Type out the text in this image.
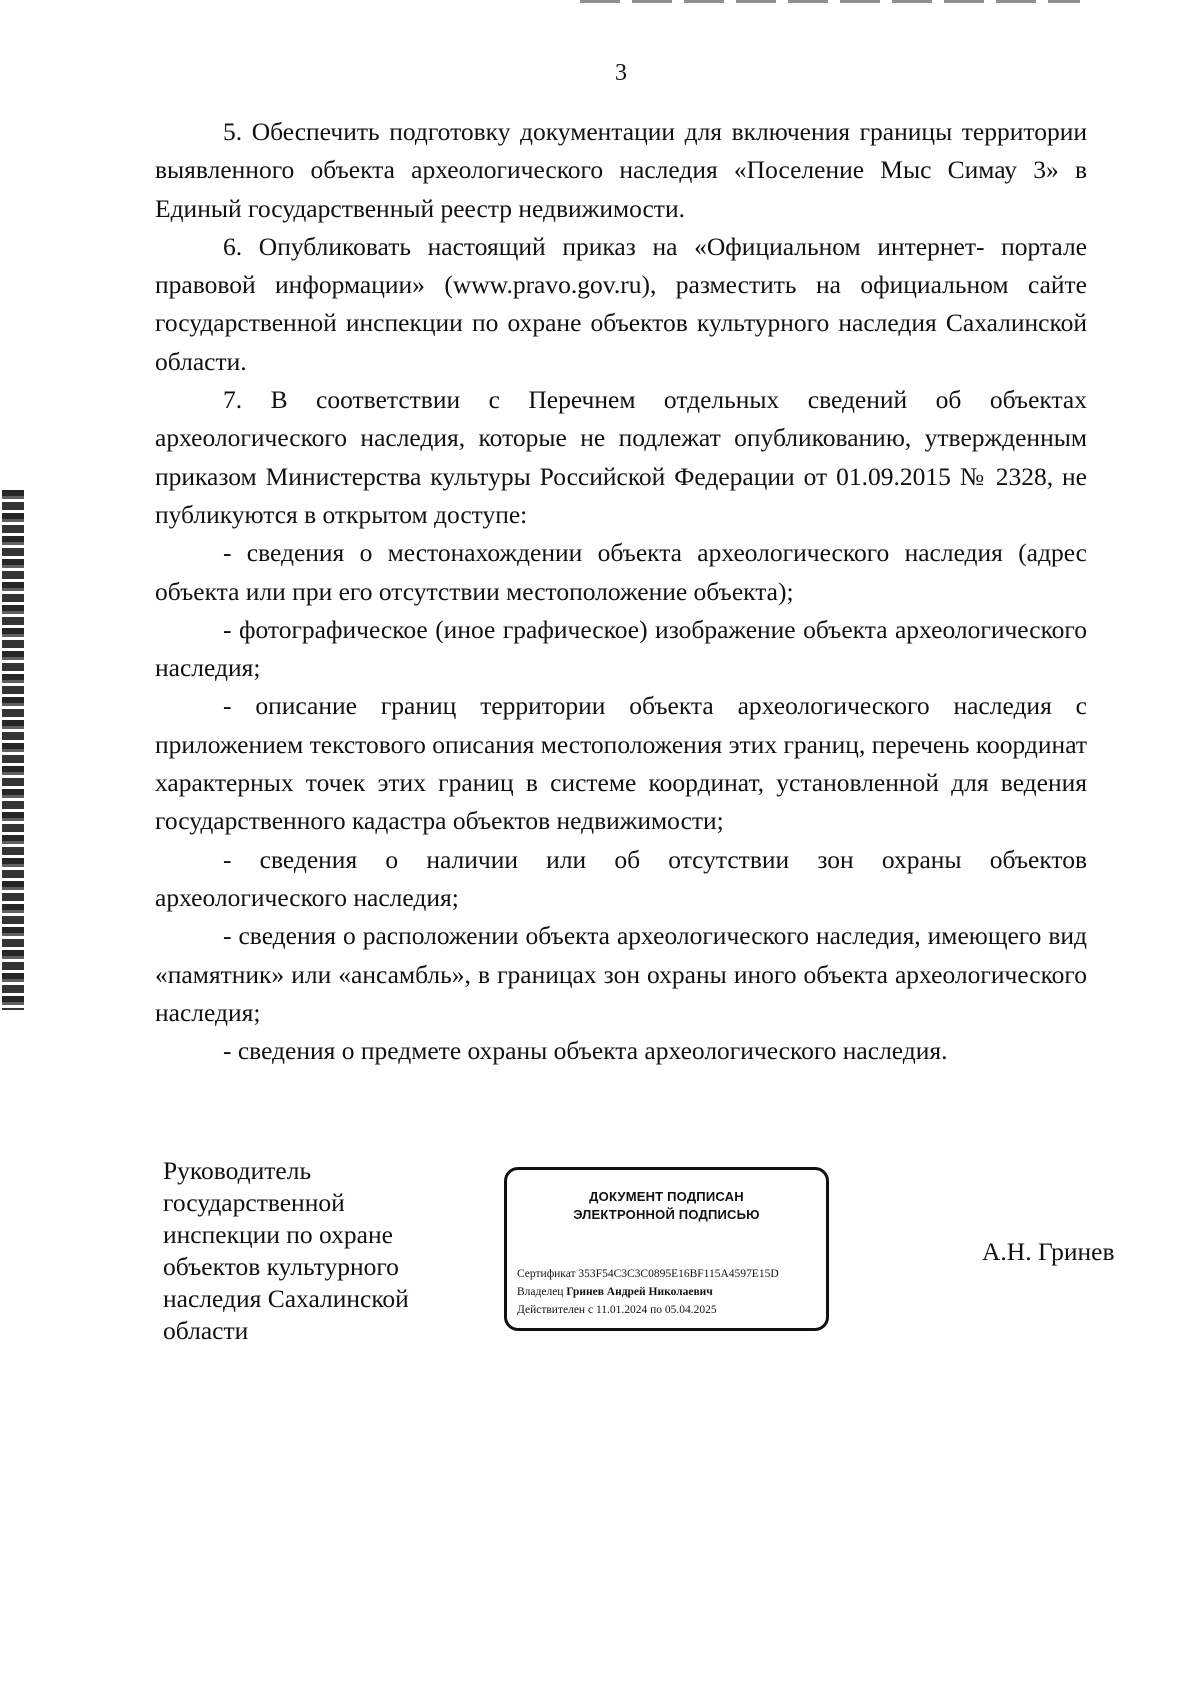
3

5. Обеспечить подготовку документации для включения границы территории выявленного объекта археологического наследия «Поселение Мыс Симау 3» в Единый государственный реестр недвижимости.

6. Опубликовать настоящий приказ на «Официальном интернет- портале правовой информации» (www.pravo.gov.ru), разместить на официальном сайте государственной инспекции по охране объектов культурного наследия Сахалинской области.

7. В соответствии с Перечнем отдельных сведений об объектах археологического наследия, которые не подлежат опубликованию, утвержденным приказом Министерства культуры Российской Федерации от 01.09.2015 № 2328, не публикуются в открытом доступе:

- сведения о местонахождении объекта археологического наследия (адрес объекта или при его отсутствии местоположение объекта);

- фотографическое (иное графическое) изображение объекта археологического наследия;

- описание границ территории объекта археологического наследия с приложением текстового описания местоположения этих границ, перечень координат характерных точек этих границ в системе координат, установленной для ведения государственного кадастра объектов недвижимости;

- сведения о наличии или об отсутствии зон охраны объектов археологического наследия;

- сведения о расположении объекта археологического наследия, имеющего вид «памятник» или «ансамбль», в границах зон охраны иного объекта археологического наследия;

- сведения о предмете охраны объекта археологического наследия.

Руководитель
государственной
инспекции по охране
объектов культурного
наследия Сахалинской
области
ДОКУМЕНТ ПОДПИСАН
ЭЛЕКТРОННОЙ ПОДПИСЬЮ
Сертификат 353F54C3C3C0895E16BF115A4597E15D
Владелец Гринев Андрей Николаевич
Действителен с 11.01.2024 по 05.04.2025
А.Н. Гринев
